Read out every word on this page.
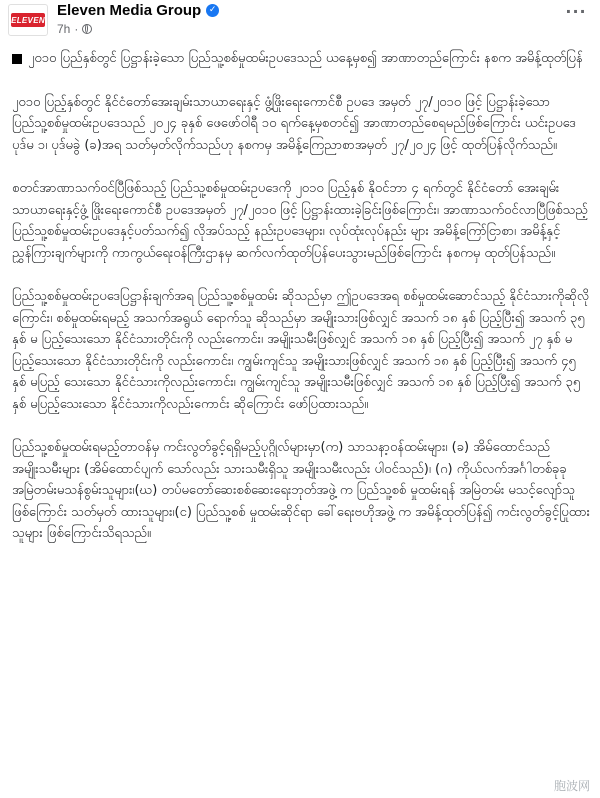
ELEVEN
Eleven Media Group ✓
7h ·
···

၂၀၁၀ ပြည်နှစ်တွင် ပြဋ္ဌာန်းခဲ့သော ပြည်သူ့စစ်မှုထမ်းဥပဒေသည် ယနေ့မှစ၍ အာဏာတည်ကြောင်း နစက အမိန့်ထုတ်ပြန်

၂၀၁၀ ပြည့်နှစ်တွင် နိုင်ငံတော်အေးချမ်းသာယာရေးနှင့် ဖွံ့ဖြိုးရေးကောင်စီ ဥပဒေ အမှတ် ၂၇/၂၀၁၀ ဖြင့် ပြဋ္ဌာန်းခဲ့သော ပြည်သူ့စစ်မှုထမ်းဥပဒေသည် ၂၀၂၄ ခုနှစ် ဖေဖော်ဝါရီ ၁၀ ရက်နေ့မှစတင်၍ အာဏာတည်စေရမည်ဖြစ်ကြောင်း ယင်းဥပဒေ ပုဒ်မ ၁၊ ပုဒ်မခွဲ (ခ)အရ သတ်မှတ်လိုက်သည်ဟု နစကမှ အမိန့်ကြေညာစာအမှတ် ၂၇/၂၀၂၄ ဖြင့် ထုတ်ပြန်လိုက်သည်။

စတင်အာဏာသက်ဝင်ပြီဖြစ်သည့် ပြည်သူ့စစ်မှုထမ်းဥပဒေကို ၂၀၁၀ ပြည့်နှစ် နိုဝင်ဘာ ၄ ရက်တွင် နိုင်ငံတော် အေးချမ်းသာယာရေးနှင့်ဖွံ့ ဖြိုးရေးကောင်စီ ဥပဒေအမှတ် ၂၇/၂၀၁၀ ဖြင့် ပြဋ္ဌာန်းထားခဲ့ခြင်းဖြစ်ကြောင်း၊ အာဏာသက်ဝင်လာပြီဖြစ်သည့် ပြည်သူ့စစ်မှုထမ်းဥပဒေနှင့်ပတ်သက်၍ လိုအပ်သည့် နည်းဥပဒေများ၊ လုပ်ထုံးလုပ်နည်း များ အမိန့်ကြော်ငြာစာ၊ အမိန့်နှင့် ညွှန်ကြားချက်များကို ကာကွယ်ရေးဝန်ကြီးဌာနမှ ဆက်လက်ထုတ်ပြန်ပေးသွားမည်ဖြစ်ကြောင်း နစကမှ ထုတ်ပြန်သည်။

ပြည်သူ့စစ်မှုထမ်းဥပဒေပြဋ္ဌာန်းချက်အရ ပြည်သူ့စစ်မှုထမ်း ဆိုသည်မှာ ဤဥပဒေအရ စစ်မှုထမ်းဆောင်သည့် နိုင်ငံသားကိုဆိုလိုကြောင်း၊ စစ်မှုထမ်းရမည့် အသက်အရွယ် ရောက်သူ ဆိုသည်မှာ အမျိုးသားဖြစ်လျှင် အသက် ၁၈ နှစ် ပြည့်ပြီး၍ အသက် ၃၅ နှစ် မ ပြည့်သေးသော နိုင်ငံသားတိုင်းကို လည်းကောင်း၊ အမျိုးသမီးဖြစ်လျှင် အသက် ၁၈ နှစ် ပြည့်ပြီး၍ အသက် ၂၇ နှစ် မပြည့်သေးသော နိုင်ငံသားတိုင်းကို လည်းကောင်း၊ ကျွမ်းကျင်သူ အမျိုးသားဖြစ်လျှင် အသက် ၁၈ နှစ် ပြည့်ပြီး၍ အသက် ၄၅ နှစ် မပြည့် သေးသော နိုင်ငံသားကိုလည်းကောင်း၊ ကျွမ်းကျင်သူ အမျိုးသမီးဖြစ်လျှင် အသက် ၁၈ နှစ် ပြည့်ပြီး၍ အသက် ၃၅ နှစ် မပြည့်သေးသော နိုင်ငံသားကိုလည်းကောင်း ဆိုကြောင်း ဖော်ပြထားသည်။

ပြည်သူ့စစ်မှုထမ်းရမည့်တာဝန်မှ ကင်းလွတ်ခွင့်ရရှိမည့်ပုဂ္ဂိုလ်များမှာ(က) သာသနာ့ဝန်ထမ်းများ၊ (ခ) အိမ်ထောင်သည်အမျိုးသမီးများ (အိမ်ထောင်ပျက် သော်လည်း သားသမီးရှိသူ အမျိုးသမီးလည်း ပါဝင်သည်)၊ (ဂ) ကိုယ်လက်အင်္ဂါတစ်ခုခု အမြဲတမ်းမသန်စွမ်းသူများ၊(ဃ) တပ်မတော်ဆေးစစ်ဆေးရေးဘုတ်အဖွဲ့ က ပြည်သူ့စစ် မှုထမ်းရန် အမြဲတမ်း မသင့်လျော်သူ ဖြစ်ကြောင်း သတ်မှတ် ထားသူများ၊(င) ပြည်သူ့စစ် မှုထမ်းဆိုင်ရာ ခေါ်ရေးဗဟိုအဖွဲ့ က အမိန့်ထုတ်ပြန်၍ ကင်းလွတ်ခွင့်ပြုထားသူများ ဖြစ်ကြောင်းသိရသည်။

胞波网
